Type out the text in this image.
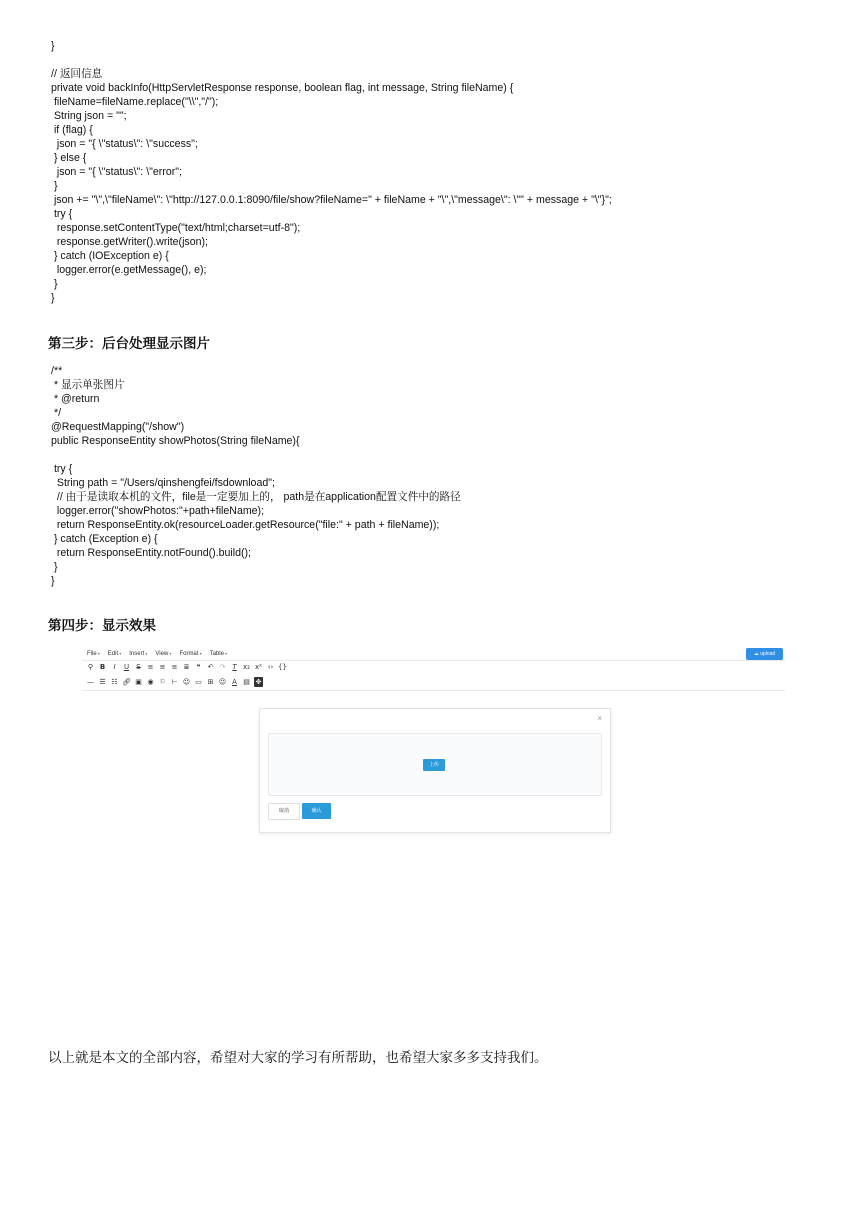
}
// 返回信息
private void backInfo(HttpServletResponse response, boolean flag, int message, String fileName) {
fileName=fileName.replace("\\","/");
String json = "";
if (flag) {
json = "{ \"status\": \"success";
} else {
json = "{ \"status\": \"error";
}
json += "\",\"fileName\": \"http://127.0.0.1:8090/file/show?fileName=" + fileName + "\",\"message\": \"" + message + "\"}";
try {
response.setContentType("text/html;charset=utf-8");
response.getWriter().write(json);
} catch (IOException e) {
logger.error(e.getMessage(), e);
}
}
第三步：后台处理显示图片
/**
* 显示单张图片
* @return
*/
@RequestMapping("/show")
public ResponseEntity showPhotos(String fileName){
try {
String path = "/Users/qinshengfei/fsdownload";
// 由于是读取本机的文件，file是一定要加上的， path是在application配置文件中的路径
logger.error("showPhotos:"+path+fileName);
return ResponseEntity.ok(resourceLoader.getResource("file:" + path + fileName));
} catch (Exception e) {
return ResponseEntity.notFound().build();
}
}
第四步：显示效果
File ▾	Edit ▾	Insert ▾	View ▾	Format ▾	Table ▾	☁ upload
⚲ B	I	U	S ≡ ≡ ≡ ≣	❝	↶ ↷ T x₂ x² ‹› {}
— ☰ ☷ 🔗︎ ▣ ◉ ⚐ ⊢ ☺ ▭ ⊞ ☺ A ▤ ✥
×
上传
取消	确认
以上就是本文的全部内容，希望对大家的学习有所帮助，也希望大家多多支持我们。
